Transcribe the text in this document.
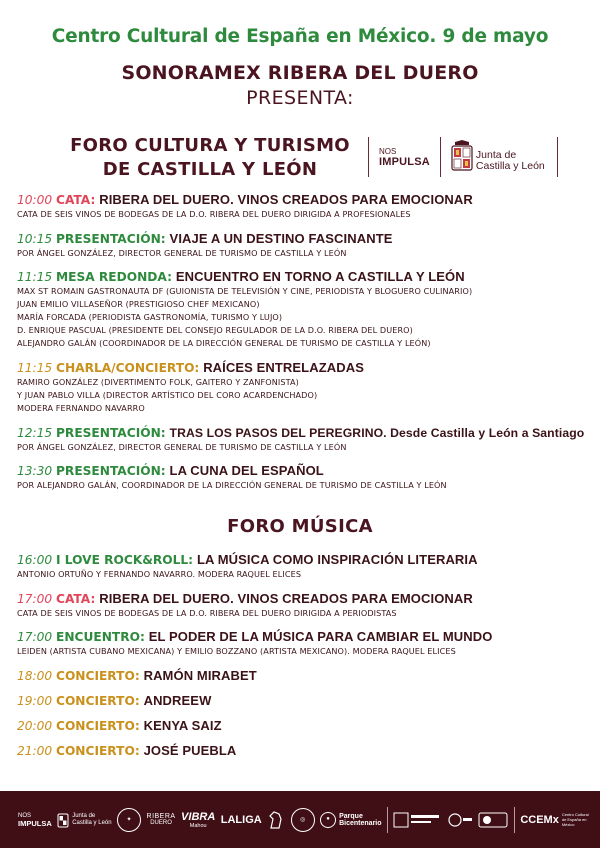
Centro Cultural de España en México. 9 de mayo
SONORAMEX RIBERA DEL DUERO
PRESENTA:
FORO CULTURA Y TURISMO
DE CASTILLA Y LEÓN
NOS
IMPULSA
Junta de
Castilla y León
10:00 CATA: RIBERA DEL DUERO. VINOS CREADOS PARA EMOCIONAR
CATA DE SEIS VINOS DE BODEGAS DE LA D.O. RIBERA DEL DUERO DIRIGIDA A PROFESIONALES
10:15 PRESENTACIÓN: VIAJE A UN DESTINO FASCINANTE
POR ÁNGEL GONZÁLEZ, DIRECTOR GENERAL DE TURISMO DE CASTILLA Y LEÓN
11:15 MESA REDONDA: ENCUENTRO EN TORNO A CASTILLA Y LEÓN
MAX ST ROMAIN GASTRONAUTA DF (GUIONISTA DE TELEVISIÓN Y CINE, PERIODISTA Y BLOGUERO CULINARIO)
JUAN EMILIO VILLASEÑOR (PRESTIGIOSO CHEF MEXICANO)
MARÍA FORCADA (PERIODISTA GASTRONOMÍA, TURISMO Y LUJO)
D. ENRIQUE PASCUAL (PRESIDENTE DEL CONSEJO REGULADOR DE LA D.O. RIBERA DEL DUERO)
ALEJANDRO GALÁN (COORDINADOR DE LA DIRECCIÓN GENERAL DE TURISMO DE CASTILLA Y LEÓN)
11:15 CHARLA/CONCIERTO: RAÍCES ENTRELAZADAS
RAMIRO GONZÁLEZ (DIVERTIMENTO FOLK, GAITERO Y ZANFONISTA)
Y JUAN PABLO VILLA (DIRECTOR ARTÍSTICO DEL CORO ACARDENCHADO)
MODERA FERNANDO NAVARRO
12:15 PRESENTACIÓN: TRAS LOS PASOS DEL PEREGRINO. Desde Castilla y León a Santiago
POR ÁNGEL GONZÁLEZ, DIRECTOR GENERAL DE TURISMO DE CASTILLA Y LEÓN
13:30 PRESENTACIÓN: LA CUNA DEL ESPAÑOL
POR ALEJANDRO GALÁN, COORDINADOR DE LA DIRECCIÓN GENERAL DE TURISMO DE CASTILLA Y LEÓN
FORO MÚSICA
16:00 I LOVE ROCK&ROLL: LA MÚSICA COMO INSPIRACIÓN LITERARIA
ANTONIO ORTUÑO Y FERNANDO NAVARRO. MODERA RAQUEL ELICES
17:00 CATA: RIBERA DEL DUERO. VINOS CREADOS PARA EMOCIONAR
CATA DE SEIS VINOS DE BODEGAS DE LA D.O. RIBERA DEL DUERO DIRIGIDA A PERIODISTAS
17:00 ENCUENTRO: EL PODER DE LA MÚSICA PARA CAMBIAR EL MUNDO
LEIDEN (ARTISTA CUBANO MEXICANA) Y EMILIO BOZZANO (ARTISTA MEXICANO). MODERA RAQUEL ELICES
18:00 CONCIERTO: RAMÓN MIRABET
19:00 CONCIERTO: ANDREEW
20:00 CONCIERTO: KENYA SAIZ
21:00 CONCIERTO: JOSÉ PUEBLA
NOS
IMPULSA
Junta de
Castilla y León	✦	RIBERA
DUERO VIBRA
Mahou LALIGA	◎	●	Parque
Bicentenario	CCEMx Centro Cultural de España en México
